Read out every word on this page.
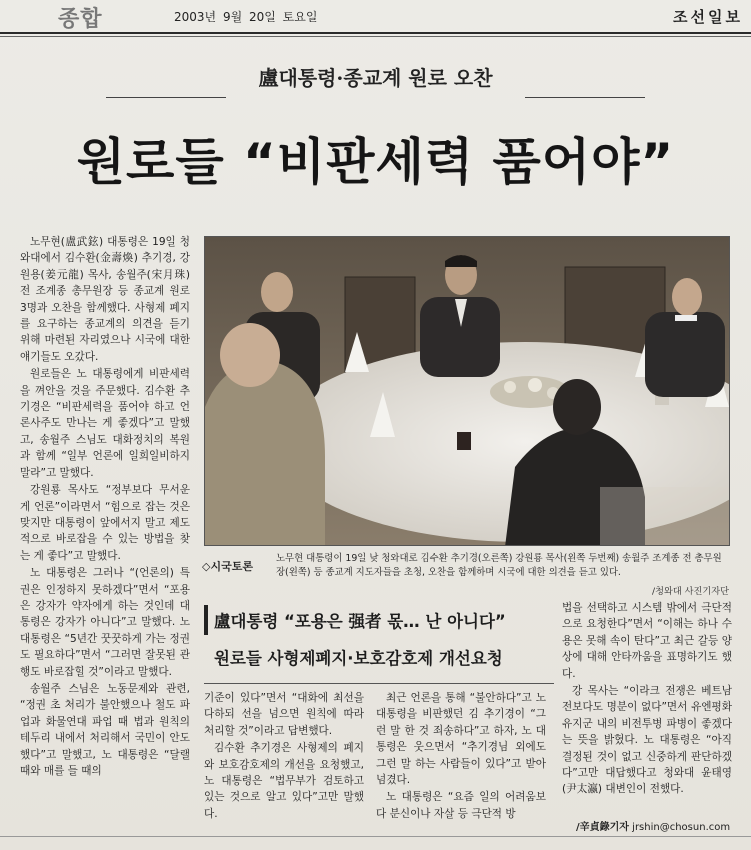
종합	2003년 9월 20일 토요일	조선일보
盧대통령·종교계 원로 오찬
원로들 “비판세력 품어야”

노무현(盧武鉉) 대통령은 19일 청와대에서 김수환(金壽煥) 추기경, 강원용(姜元龍) 목사, 송월주(宋月珠) 전 조계종 총무원장 등 종교계 원로 3명과 오찬을 함께했다. 사형제 폐지를 요구하는 종교계의 의견을 듣기 위해 마련된 자리였으나 시국에 대한 얘기들도 오갔다.

원로들은 노 대통령에게 비판세력을 껴안을 것을 주문했다. 김수환 추기경은 “비판세력을 품어야 하고 언론사주도 만나는 게 좋겠다”고 말했고, 송월주 스님도 대화정치의 복원과 함께 “일부 언론에 일희일비하지 말라”고 말했다.

강원룡 목사도 “정부보다 무서운 게 언론”이라면서 “힘으로 잡는 것은 맞지만 대통령이 앞에서지 말고 제도적으로 바로잡을 수 있는 방법을 찾는 게 좋다”고 말했다.

노 대통령은 그러나 “(언론의) 특권은 인정하지 못하겠다”면서 “포용은 강자가 약자에게 하는 것인데 대통령은 강자가 아니다”고 말했다. 노 대통령은 “5년간 꿋꿋하게 가는 정권도 필요하다”면서 “그러면 잘못된 관행도 바로잡힐 것”이라고 말했다.

송월주 스님은 노동문제와 관련, “정권 초 처리가 불안했으나 철도 파업과 화물연대 파업 때 법과 원칙의 테두리 내에서 처리해서 국민이 안도했다”고 말했고, 노 대통령은 “달랠 때와 매를 들 때의

◇시국토론
노무현 대통령이 19일 낮 청와대로 김수환 추기경(오른쪽) 강원룡 목사(왼쪽 두번째) 송월주 조계종 전 총무원장(왼쪽) 등 종교계 지도자들을 초청, 오찬을 함께하며 시국에 대한 의견을 듣고 있다.
/청와대 사진기자단
盧대통령 “포용은 强者 몫… 난 아니다”
원로들 사형제폐지·보호감호제 개선요청

기준이 있다”면서 “대화에 최선을 다하되 선을 넘으면 원칙에 따라 처리할 것”이라고 답변했다.

김수환 추기경은 사형제의 폐지와 보호감호제의 개선을 요청했고, 노 대통령은 “법무부가 검토하고 있는 것으로 알고 있다”고만 말했다.

최근 언론을 통해 “불안하다”고 노 대통령을 비판했던 김 추기경이 “그런 말 한 것 죄송하다”고 하자, 노 대통령은 웃으면서 “추기경님 외에도 그런 말 하는 사람들이 있다”고 받아넘겼다.

노 대통령은 “요즘 일의 어려움보다 분신이나 자살 등 극단적 방

법을 선택하고 시스템 밖에서 극단적으로 요청한다”면서 “이해는 하나 수용은 못해 속이 탄다”고 최근 갈등 양상에 대해 안타까움을 표명하기도 했다.

강 목사는 “이라크 전쟁은 베트남전보다도 명분이 없다”면서 유엔평화유지군 내의 비전투병 파병이 좋겠다는 뜻을 밝혔다. 노 대통령은 “아직 결정된 것이 없고 신중하게 판단하겠다”고만 대답했다고 청와대 윤태영(尹太瀛) 대변인이 전했다.

/辛貞錄기자 jrshin@chosun.com
